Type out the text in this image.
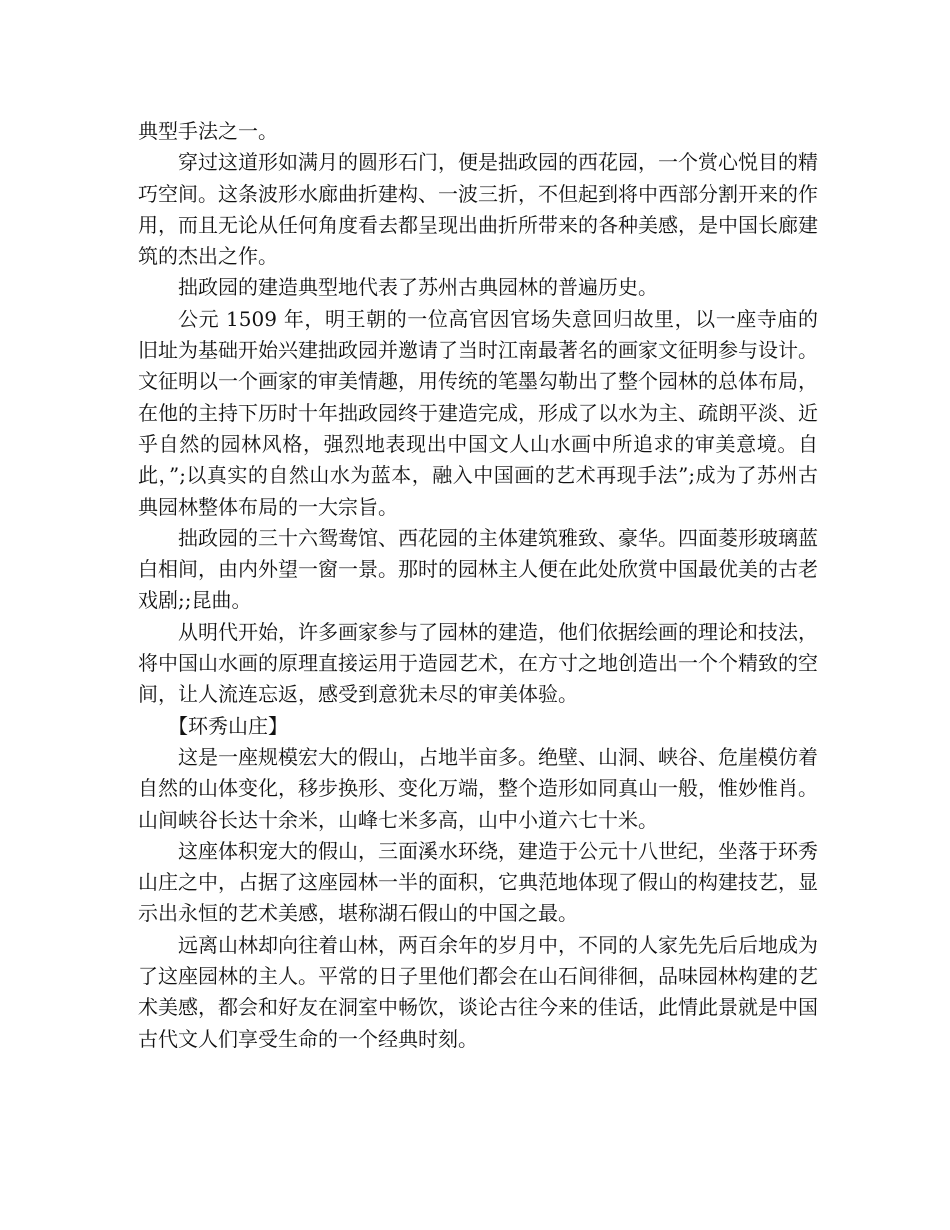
典型手法之一。

穿过这道形如满月的圆形石门，便是拙政园的西花园，一个赏心悦目的精巧空间。这条波形水廊曲折建构、一波三折，不但起到将中西部分割开来的作用，而且无论从任何角度看去都呈现出曲折所带来的各种美感，是中国长廊建筑的杰出之作。

拙政园的建造典型地代表了苏州古典园林的普遍历史。

公元 1509 年，明王朝的一位高官因官场失意回归故里，以一座寺庙的旧址为基础开始兴建拙政园并邀请了当时江南最著名的画家文征明参与设计。文征明以一个画家的审美情趣，用传统的笔墨勾勒出了整个园林的总体布局，在他的主持下历时十年拙政园终于建造完成，形成了以水为主、疏朗平淡、近乎自然的园林风格，强烈地表现出中国文人山水画中所追求的审美意境。自此，”;以真实的自然山水为蓝本，融入中国画的艺术再现手法”;成为了苏州古典园林整体布局的一大宗旨。

拙政园的三十六鸳鸯馆、西花园的主体建筑雅致、豪华。四面菱形玻璃蓝白相间，由内外望一窗一景。那时的园林主人便在此处欣赏中国最优美的古老戏剧;;昆曲。

从明代开始，许多画家参与了园林的建造，他们依据绘画的理论和技法，将中国山水画的原理直接运用于造园艺术，在方寸之地创造出一个个精致的空间，让人流连忘返，感受到意犹未尽的审美体验。

【环秀山庄】

这是一座规模宏大的假山，占地半亩多。绝壁、山洞、峡谷、危崖模仿着自然的山体变化，移步换形、变化万端，整个造形如同真山一般，惟妙惟肖。山间峡谷长达十余米，山峰七米多高，山中小道六七十米。

这座体积宠大的假山，三面溪水环绕，建造于公元十八世纪，坐落于环秀山庄之中，占据了这座园林一半的面积，它典范地体现了假山的构建技艺，显示出永恒的艺术美感，堪称湖石假山的中国之最。

远离山林却向往着山林，两百余年的岁月中，不同的人家先先后后地成为了这座园林的主人。平常的日子里他们都会在山石间徘徊，品味园林构建的艺术美感，都会和好友在洞室中畅饮，谈论古往今来的佳话，此情此景就是中国古代文人们享受生命的一个经典时刻。
